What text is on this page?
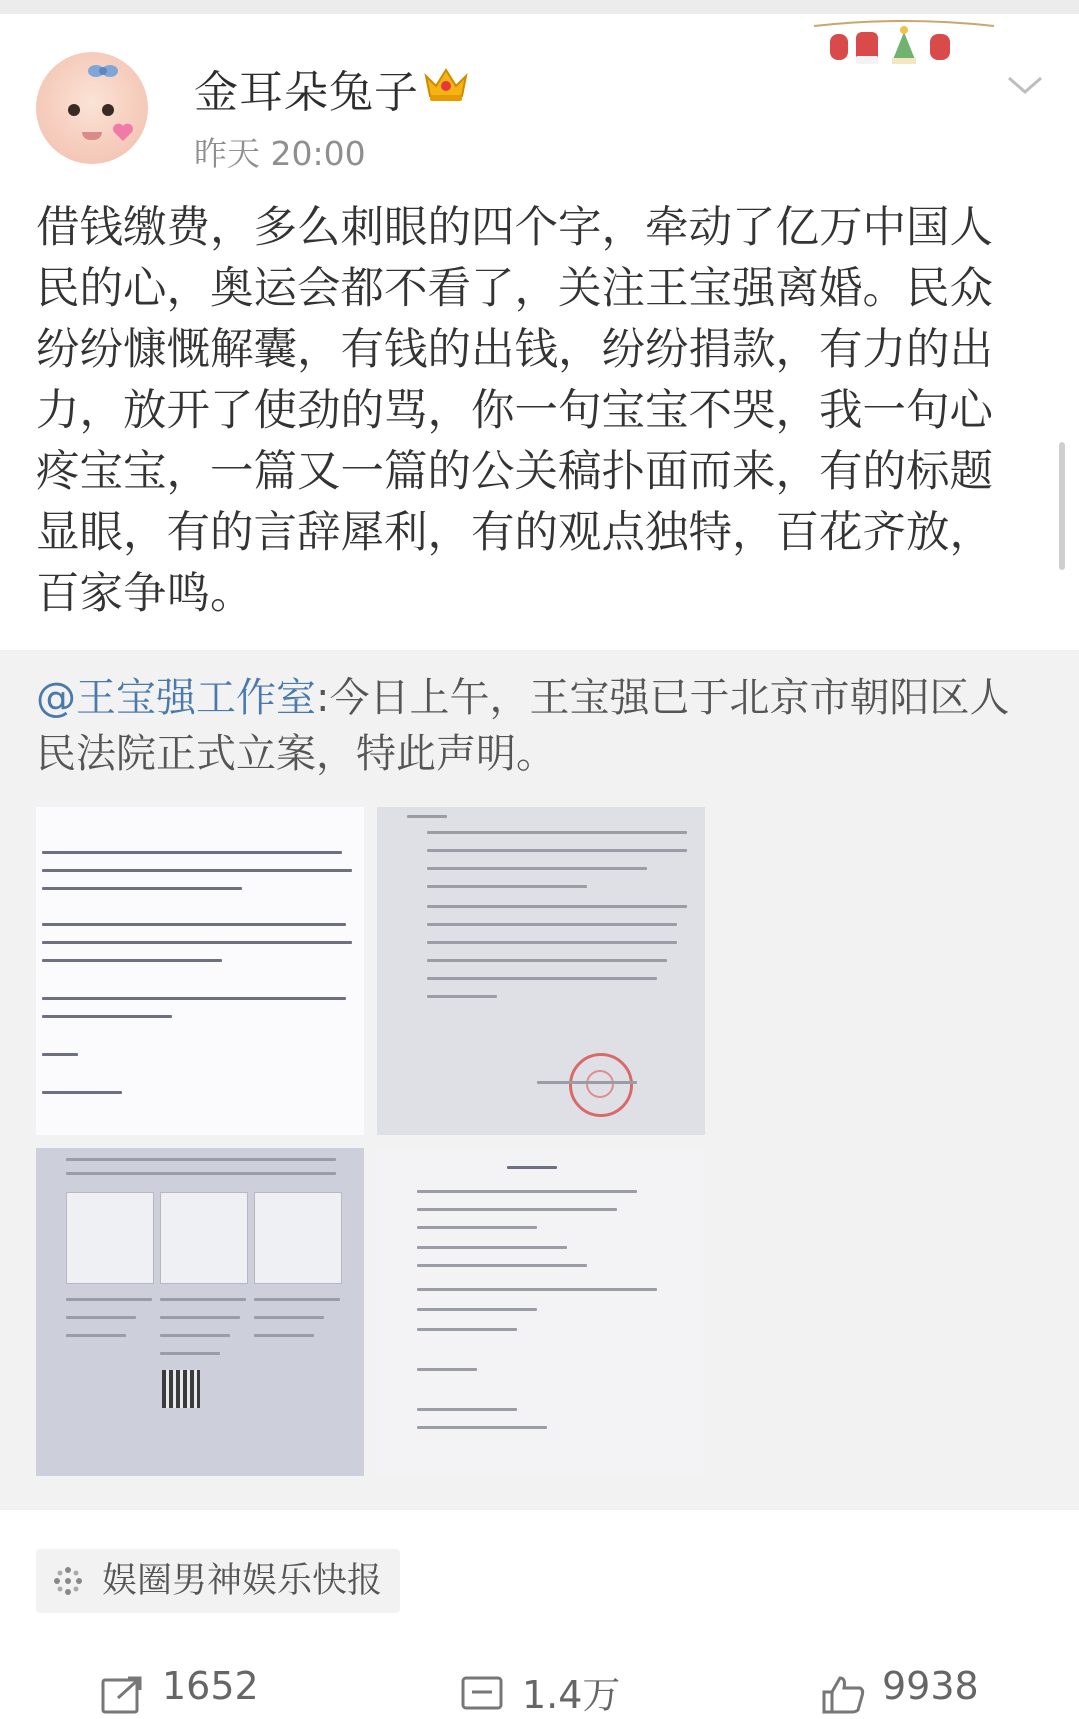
金耳朵兔子
昨天 20:00
借钱缴费，多么刺眼的四个字，牵动了亿万中国人民的心，奥运会都不看了，关注王宝强离婚。民众纷纷慷慨解囊，有钱的出钱，纷纷捐款，有力的出力，放开了使劲的骂，你一句宝宝不哭，我一句心疼宝宝，一篇又一篇的公关稿扑面而来，有的标题显眼，有的言辞犀利，有的观点独特，百花齐放，百家争鸣。
@王宝强工作室:今日上午，王宝强已于北京市朝阳区人民法院正式立案，特此声明。
娱圈男神娱乐快报
1652	1.4万	9938
